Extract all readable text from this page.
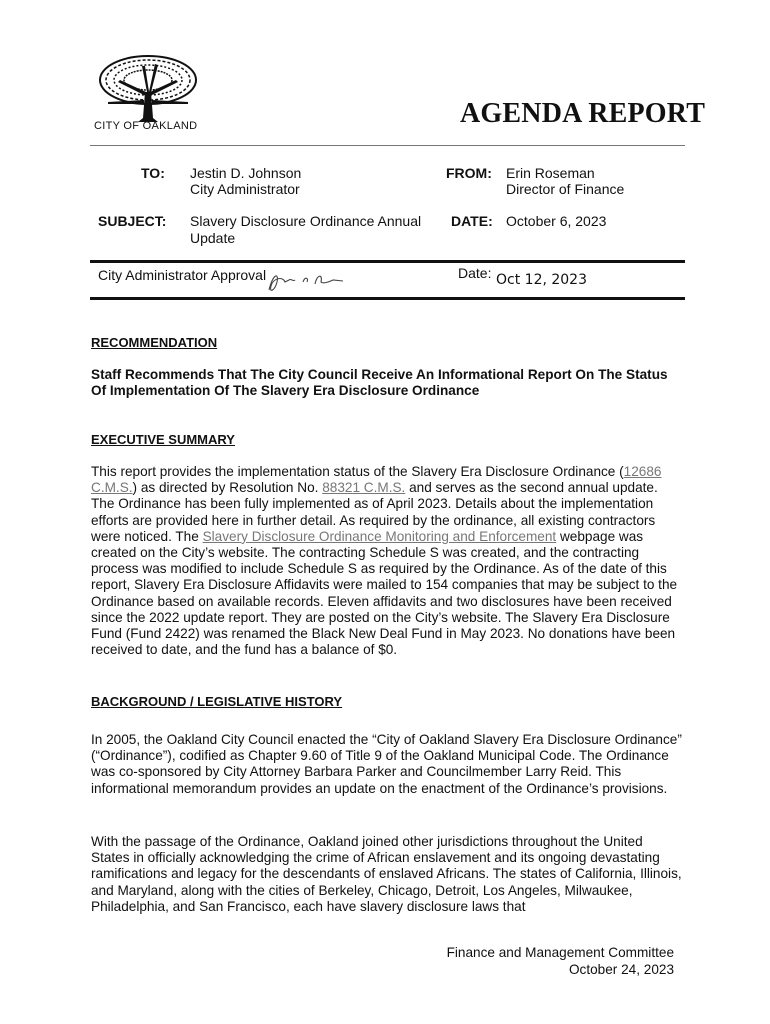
CITY OF OAKLAND	AGENDA REPORT
TO: Jestin D. Johnson
City Administrator
FROM: Erin Roseman
Director of Finance
SUBJECT: Slavery Disclosure Ordinance Annual
Update
DATE: October 6, 2023
City Administrator Approval	Date: Oct 12, 2023
RECOMMENDATION

Staff Recommends That The City Council Receive An Informational Report On The Status Of Implementation Of The Slavery Era Disclosure Ordinance

EXECUTIVE SUMMARY

This report provides the implementation status of the Slavery Era Disclosure Ordinance (12686 C.M.S.) as directed by Resolution No. 88321 C.M.S. and serves as the second annual update. The Ordinance has been fully implemented as of April 2023. Details about the implementation efforts are provided here in further detail. As required by the ordinance, all existing contractors were noticed. The Slavery Disclosure Ordinance Monitoring and Enforcement webpage was created on the City’s website. The contracting Schedule S was created, and the contracting process was modified to include Schedule S as required by the Ordinance. As of the date of this report, Slavery Era Disclosure Affidavits were mailed to 154 companies that may be subject to the Ordinance based on available records. Eleven affidavits and two disclosures have been received since the 2022 update report. They are posted on the City’s website. The Slavery Era Disclosure Fund (Fund 2422) was renamed the Black New Deal Fund in May 2023. No donations have been received to date, and the fund has a balance of $0.

BACKGROUND / LEGISLATIVE HISTORY

In 2005, the Oakland City Council enacted the “City of Oakland Slavery Era Disclosure Ordinance” (“Ordinance”), codified as Chapter 9.60 of Title 9 of the Oakland Municipal Code. The Ordinance was co-sponsored by City Attorney Barbara Parker and Councilmember Larry Reid. This informational memorandum provides an update on the enactment of the Ordinance’s provisions.

With the passage of the Ordinance, Oakland joined other jurisdictions throughout the United States in officially acknowledging the crime of African enslavement and its ongoing devastating ramifications and legacy for the descendants of enslaved Africans. The states of California, Illinois, and Maryland, along with the cities of Berkeley, Chicago, Detroit, Los Angeles, Milwaukee, Philadelphia, and San Francisco, each have slavery disclosure laws that

Finance and Management Committee
October 24, 2023
